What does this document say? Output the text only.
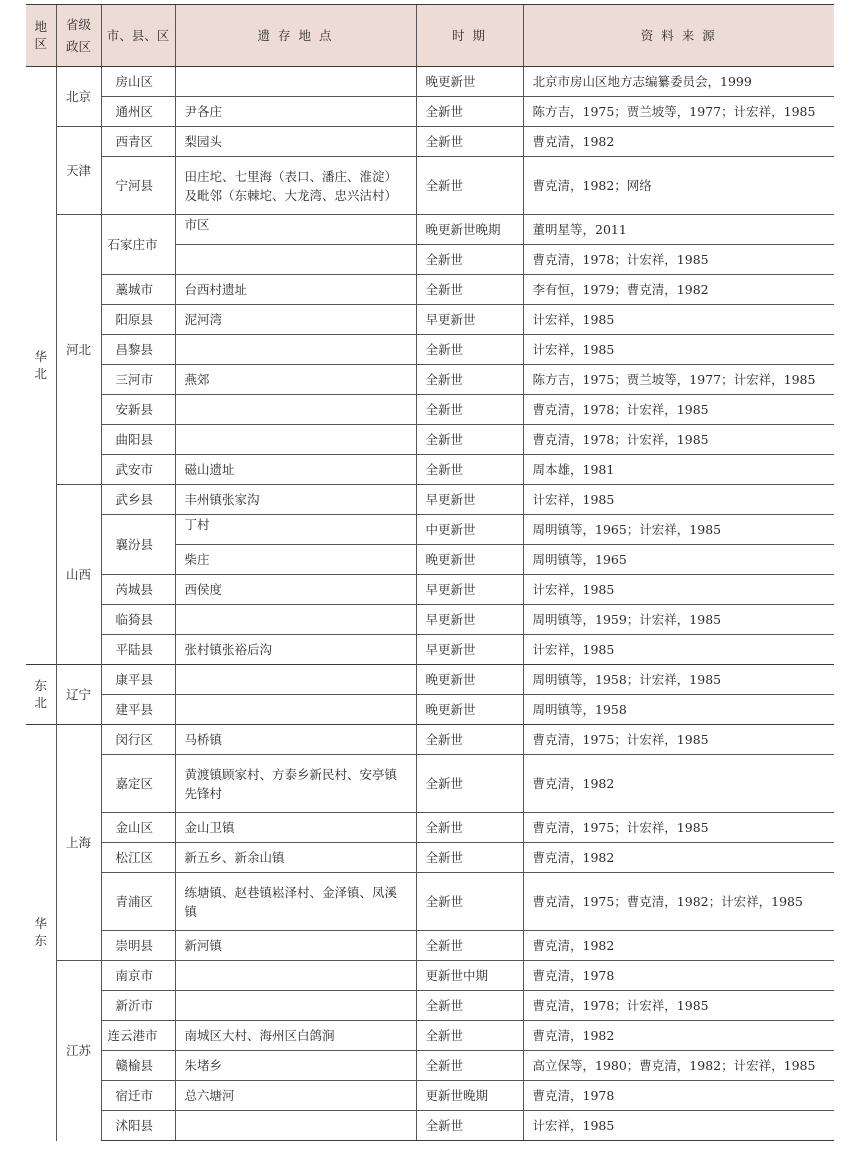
地区	省级政区	市、县、区	遗 存 地 点	时 期	资 料 来 源
华北	北京	房山区		晚更新世	北京市房山区地方志编纂委员会，1999
		通州区	尹各庄	全新世	陈方吉，1975；贾兰坡等，1977；计宏祥，1985
	天津	西青区	梨园头	全新世	曹克清，1982
		宁河县	田庄坨、七里海（表口、潘庄、淮淀）及毗邻（东棘坨、大龙湾、忠兴沽村）	全新世	曹克清，1982；网络
	河北	石家庄市	市区	晚更新世晚期	董明星等，2011
				全新世	曹克清，1978；计宏祥，1985
		藁城市	台西村遗址	全新世	李有恒，1979；曹克清，1982
		阳原县	泥河湾	早更新世	计宏祥，1985
		昌黎县		全新世	计宏祥，1985
		三河市	燕郊	全新世	陈方吉，1975；贾兰坡等，1977；计宏祥，1985
		安新县		全新世	曹克清，1978；计宏祥，1985
		曲阳县		全新世	曹克清，1978；计宏祥，1985
		武安市	磁山遗址	全新世	周本雄，1981
	山西	武乡县	丰州镇张家沟	早更新世	计宏祥，1985
		襄汾县	丁村	中更新世	周明镇等，1965；计宏祥，1985
			柴庄	晚更新世	周明镇等，1965
		芮城县	西侯度	早更新世	计宏祥，1985
		临猗县		早更新世	周明镇等，1959；计宏祥，1985
		平陆县	张村镇张裕后沟	早更新世	计宏祥，1985
东北	辽宁	康平县		晚更新世	周明镇等，1958；计宏祥，1985
		建平县		晚更新世	周明镇等，1958
华东	上海	闵行区	马桥镇	全新世	曹克清，1975；计宏祥，1985
		嘉定区	黄渡镇顾家村、方泰乡新民村、安亭镇先锋村	全新世	曹克清，1982
		金山区	金山卫镇	全新世	曹克清，1975；计宏祥，1985
		松江区	新五乡、新余山镇	全新世	曹克清，1982
		青浦区	练塘镇、赵巷镇崧泽村、金泽镇、凤溪镇	全新世	曹克清，1975；曹克清，1982；计宏祥，1985
		崇明县	新河镇	全新世	曹克清，1982
	江苏	南京市		更新世中期	曹克清，1978
		新沂市		全新世	曹克清，1978；计宏祥，1985
		连云港市	南城区大村、海州区白鸽涧	全新世	曹克清，1982
		赣榆县	朱堵乡	全新世	高立保等，1980；曹克清，1982；计宏祥，1985
		宿迁市	总六塘河	更新世晚期	曹克清，1978
		沭阳县		全新世	计宏祥，1985
